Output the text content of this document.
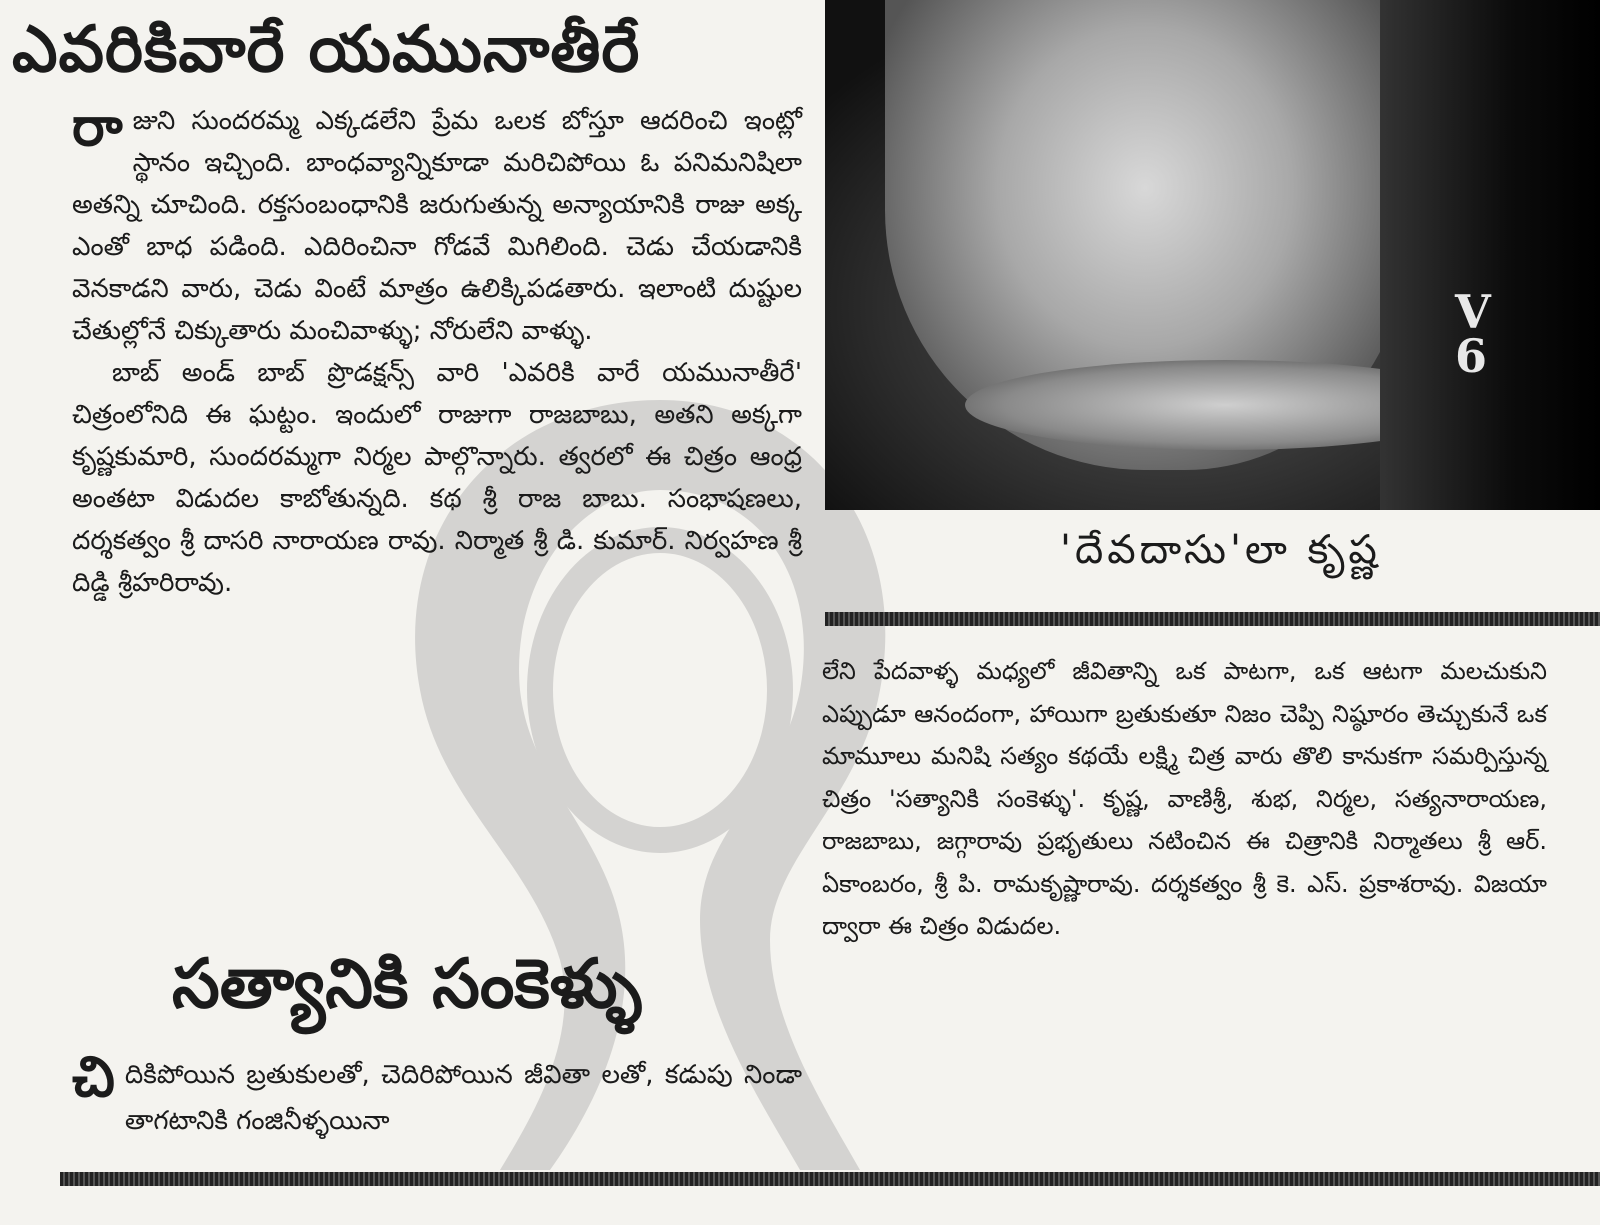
ఎవరికివారే యమునాతీరే

రాజుని సుందరమ్మ ఎక్కడలేని ప్రేమ ఒలక బోస్తూ ఆదరించి ఇంట్లో స్థానం ఇచ్చింది. బాంధవ్యాన్నికూడా మరిచిపోయి ఓ పనిమనిషిలా అతన్ని చూచింది. రక్తసంబంధానికి జరుగుతున్న అన్యాయానికి రాజు అక్క ఎంతో బాధ పడింది. ఎదిరించినా గోడవే మిగిలింది. చెడు చేయడానికి వెనకాడని వారు, చెడు వింటే మాత్రం ఉలిక్కిపడతారు. ఇలాంటి దుష్టుల చేతుల్లోనే చిక్కుతారు మంచివాళ్ళు; నోరులేని వాళ్ళు.

బాబ్ అండ్ బాబ్ ప్రొడక్షన్స్ వారి 'ఎవరికి వారే యమునాతీరే' చిత్రంలోనిది ఈ ఘట్టం. ఇందులో రాజుగా రాజబాబు, అతని అక్కగా కృష్ణకుమారి, సుందరమ్మగా నిర్మల పాల్గొన్నారు. త్వరలో ఈ చిత్రం ఆంధ్ర అంతటా విడుదల కాబోతున్నది. కథ శ్రీ రాజ బాబు. సంభాషణలు, దర్శకత్వం శ్రీ దాసరి నారాయణ రావు. నిర్మాత శ్రీ డి. కుమార్. నిర్వహణ శ్రీ దిడ్డి శ్రీహరిరావు.

సత్యానికి సంకెళ్ళు
చిదికిపోయిన బ్రతుకులతో, చెదిరిపోయిన జీవితా లతో, కడుపు నిండా తాగటానికి గంజినీళ్ళయినా
V
6
'దేవదాసు'లా కృష్ణ

లేని పేదవాళ్ళ మధ్యలో జీవితాన్ని ఒక పాటగా, ఒక ఆటగా మలచుకుని ఎప్పుడూ ఆనందంగా, హాయిగా బ్రతుకుతూ నిజం చెప్పి నిష్ఠూరం తెచ్చుకునే ఒక మామూలు మనిషి సత్యం కథయే లక్ష్మి చిత్ర వారు తొలి కానుకగా సమర్పిస్తున్న చిత్రం 'సత్యానికి సంకెళ్ళు'. కృష్ణ, వాణిశ్రీ, శుభ, నిర్మల, సత్యనారాయణ, రాజబాబు, జగ్గారావు ప్రభృతులు నటించిన ఈ చిత్రానికి నిర్మాతలు శ్రీ ఆర్. ఏకాంబరం, శ్రీ పి. రామకృష్ణారావు. దర్శకత్వం శ్రీ కె. ఎస్. ప్రకాశరావు. విజయా ద్వారా ఈ చిత్రం విడుదల.
